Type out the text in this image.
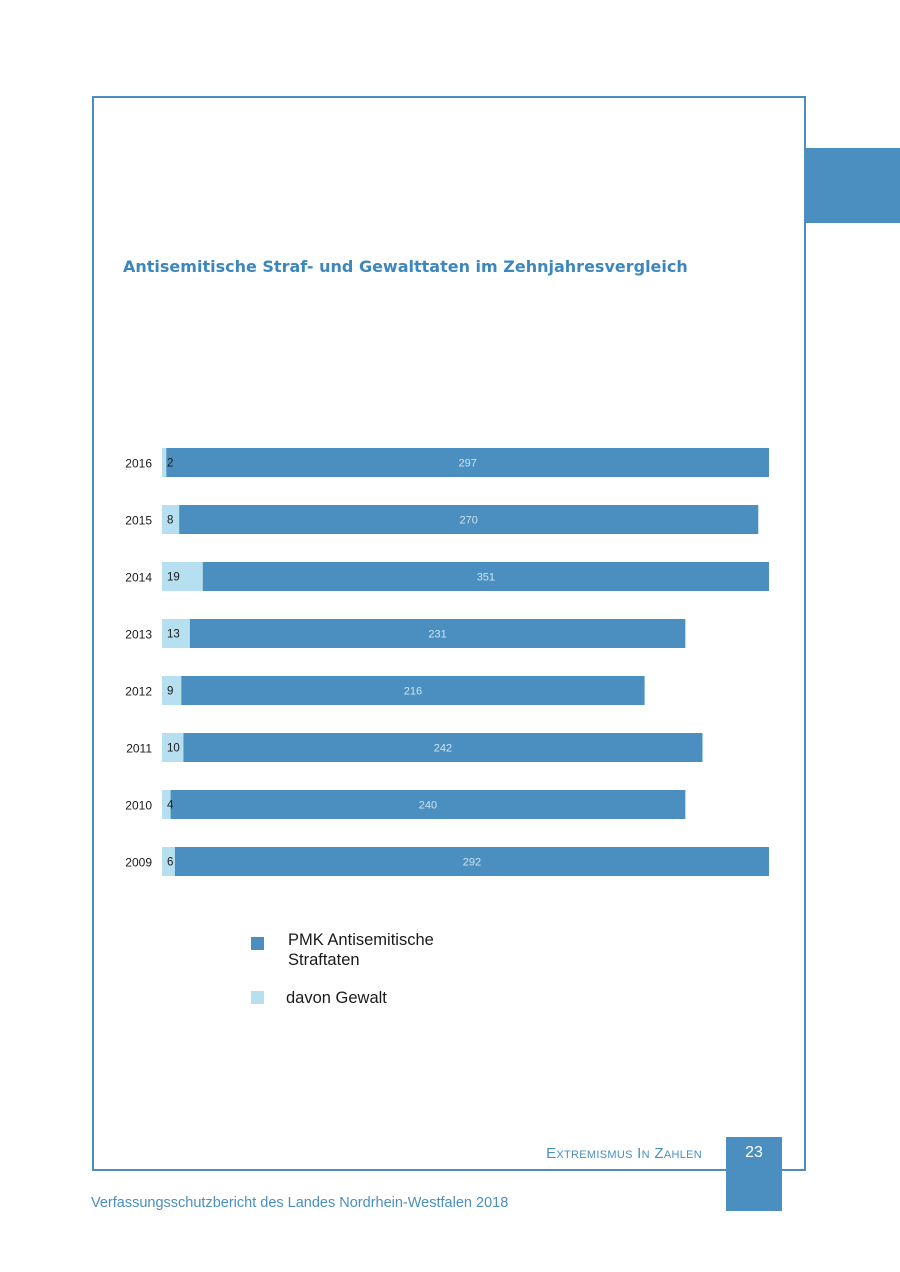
Antisemitische Straf- und Gewalttaten im Zehnjahresvergleich
2016 2	297
2015 8	270
2014 19	351
2013 13	231
2012 9	216
2011 10	242
2010 4	240
2009 6	292
PMK Antisemitische
Straftaten
davon Gewalt
Extremismus In Zahlen	23
Verfassungsschutzbericht des Landes Nordrhein-Westfalen 2018
